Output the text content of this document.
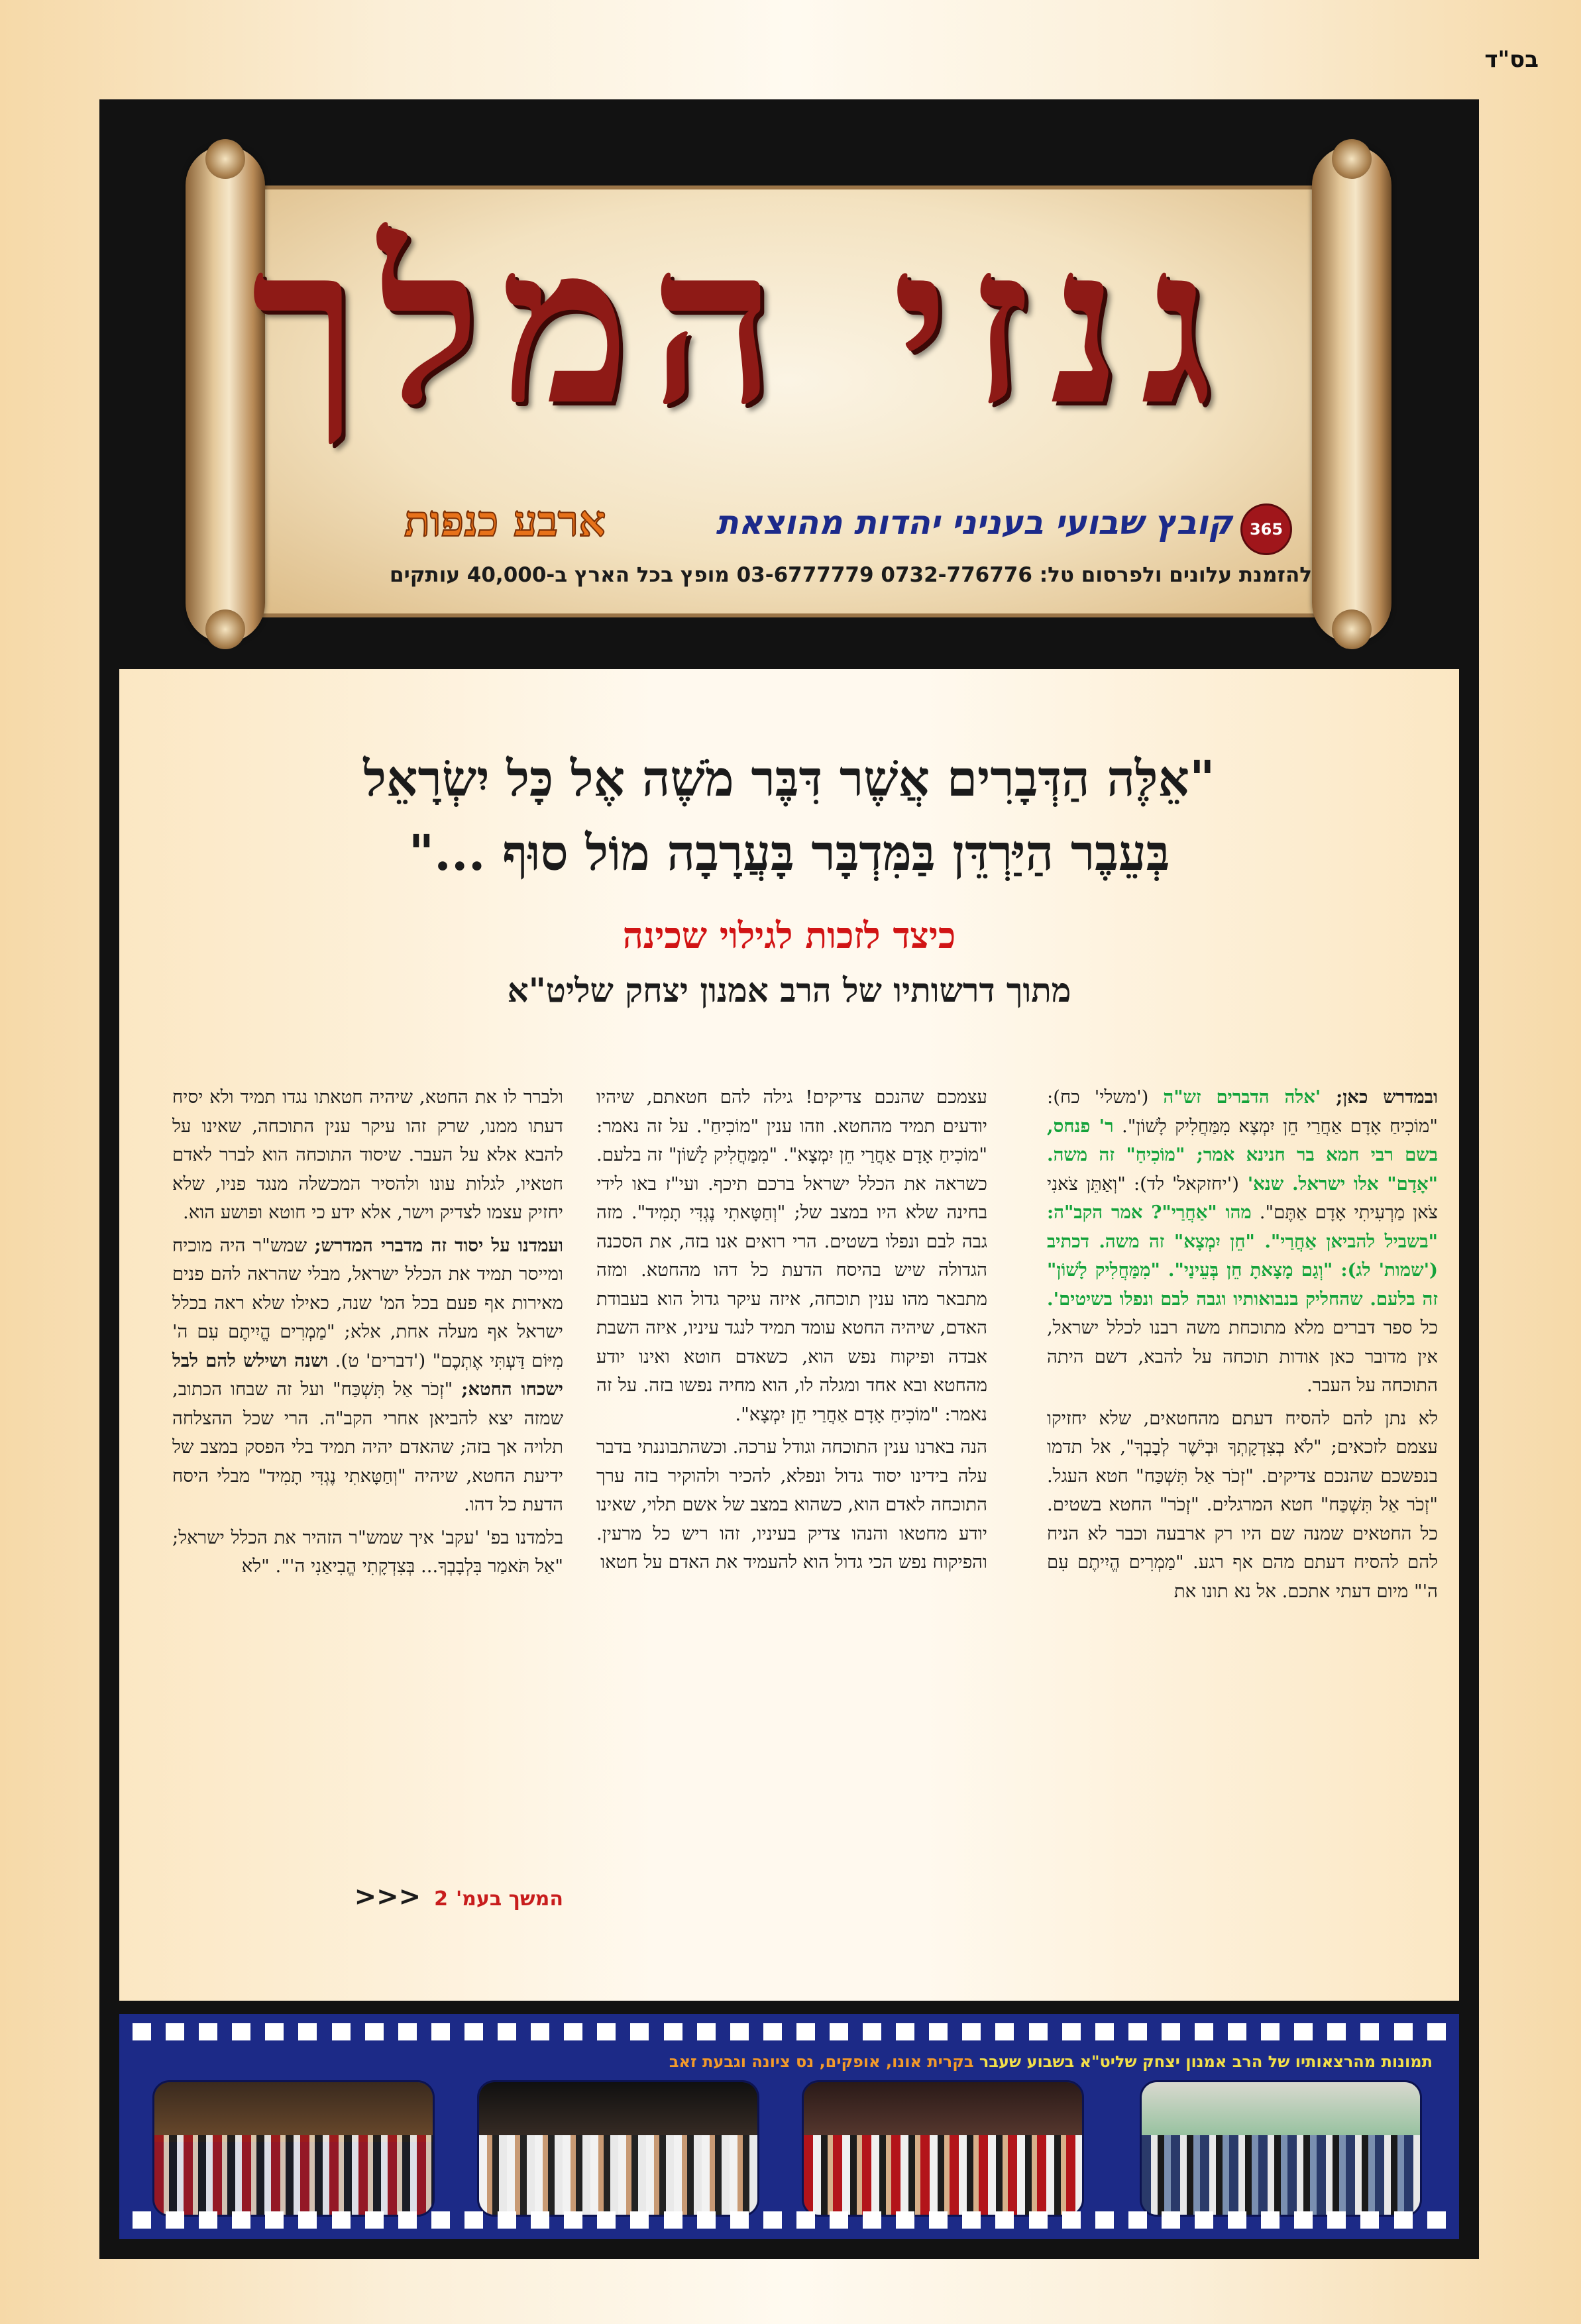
בס"ד
גנזי המלך
365
קובץ שבועי בעניני יהדות מהוצאת
ארבע כנפות
להזמנת עלונים ולפרסום טל: 0732-776776 03-6777779 מופץ בכל הארץ ב-40,000 עותקים
"אֵלֶּה הַדְּבָרִים אֲשֶׁר דִּבֶּר מֹשֶׁה אֶל כָּל יִשְׂרָאֵל
בְּעֵבֶר הַיַּרְדֵּן בַּמִּדְבָּר בָּעֲרָבָה מוֹל סוּף ..."
כיצד לזכות לגילוי שכינה
מתוך דרשותיו של הרב אמנון יצחק שליט"א

ובמדרש כאן; 'אלה הדברים זש"ה ('משלי' כח): "מוֹכִיחַ אָדָם אַחֲרַי חֵן יִמְצָא מִמַּחֲלִיק לָשׁוֹן". ר' פנחס, בשם רבי חמא בר חנינא אמר; "מוֹכִיחַ" זה משה. "אָדָם" אלו ישראל. שנא' ('יחזקאל' לד): "וְאַתֵּן צֹאנִי צֹאן מַרְעִיתִי אָדָם אַתֶּם". מהו "אַחֲרַי"? אמר הקב"ה: "בשביל להביאן אַחֲרַי". "חֵן יִמְצָא" זה משה. דכתיב ('שמות' לג): "וְגַם מָצָאתָ חֵן בְּעֵינַי". "מִמַּחֲלִיק לָשׁוֹן" זה בלעם. שהחליק בנבואותיו וגבה לבם ונפלו בשיטים'. כל ספר דברים מלא מתוכחת משה רבנו לכלל ישראל, אין מדובר כאן אודות תוכחה על להבא, דשם היתה התוכחה על העבר.

לא נתן להם להסיח דעתם מהחטאים, שלא יחזיקו עצמם לזכאים; "לֹא בְצִדְקָתְךָ וּבְיֹשֶׁר לְבָבְךָ", אל תדמו בנפשכם שהנכם צדיקים. "זְכֹר אַל תִּשְׁכַּח" חטא העגל. "זְכֹר אַל תִּשְׁכַּח" חטא המרגלים. "זְכֹר" החטא בשטים. כל החטאים שמנה שם היו רק ארבעה וכבר לא הניח להם להסיח דעתם מהם אף רגע. "מַמְרִים הֱיִיתֶם עִם ה'" מיום דעתי אתכם. אל נא תונו את

עצמכם שהנכם צדיקים! גילה להם חטאתם, שיהיו יודעים תמיד מהחטא. וזהו ענין "מוֹכִיחַ". על זה נאמר: "מוֹכִיחַ אָדָם אַחֲרַי חֵן יִמְצָא". "מִמַּחֲלִיק לָשׁוֹן" זה בלעם. כשראה את הכלל ישראל ברכם תיכף. ועי"ז באו לידי בחינה שלא היו במצב של; "וְחַטָּאתִי נֶגְדִּי תָמִיד". מזה גבה לבם ונפלו בשטים. הרי רואים אנו בזה, את הסכנה הגדולה שיש בהיסח הדעת כל דהו מהחטא. ומזה מתבאר מהו ענין תוכחה, איזה עיקר גדול הוא בעבודת האדם, שיהיה החטא עומד תמיד לנגד עיניו, איזה השבת אבדה ופיקוח נפש הוא, כשאדם חוטא ואינו יודע מהחטא ובא אחד ומגלה לו, הוא מחיה נפשו בזה. על זה נאמר: "מוֹכִיחַ אָדָם אַחֲרַי חֵן יִמְצָא".

הנה בארנו ענין התוכחה וגודל ערכה. וכשהתבוננתי בדבר עלה בידינו יסוד גדול ונפלא, להכיר ולהוקיר בזה ערך התוכחה לאדם הוא, כשהוא במצב של אשם תלוי, שאינו יודע מחטאו והנהו צדיק בעיניו, זהו ריש כל מרעין. והפיקוח נפש הכי גדול הוא להעמיד את האדם על חטאו

ולברר לו את החטא, שיהיה חטאתו נגדו תמיד ולא יסיח דעתו ממנו, שרק זהו עיקר ענין התוכחה, שאינו על להבא אלא על העבר. שיסוד התוכחה הוא לברר לאדם חטאיו, לגלות עונו ולהסיר המכשלה מנגד פניו, שלא יחזיק עצמו לצדיק וישר, אלא ידע כי חוטא ופושע הוא.

ועמדנו על יסוד זה מדברי המדרש; שמש"ר היה מוכיח ומייסר תמיד את הכלל ישראל, מבלי שהראה להם פנים מאירות אף פעם בכל המ' שנה, כאילו שלא ראה בכלל ישראל אף מעלה אחת, אלא; "מַמְרִים הֱיִיתֶם עִם ה' מִיּוֹם דַּעְתִּי אֶתְכֶם" ('דברים' ט). ושנה ושילש להם לבל ישכחו החטא; "זְכֹר אַל תִּשְׁכַּח" ועל זה שבחו הכתוב, שמזה יצא להביאן אחרי הקב"ה. הרי שכל ההצלחה תלויה אך בזה; שהאדם יהיה תמיד בלי הפסק במצב של ידיעת החטא, שיהיה "וְחַטָּאתִי נֶגְדִּי תָמִיד" מבלי היסח הדעת כל דהו.

בלמדנו בפ' 'עקב' איך שמש"ר הזהיר את הכלל ישראל; "אַל תֹּאמַר בִּלְבָבְךָ... בְּצִדְקָתִי הֱבִיאַנִי ה'". "לא

המשך בעמ'2<<<
תמונות מהרצאותיו של הרב אמנון יצחק שליט"א בשבוע שעבר בקרית אונו, אופקים, נס ציונה וגבעת זאב
